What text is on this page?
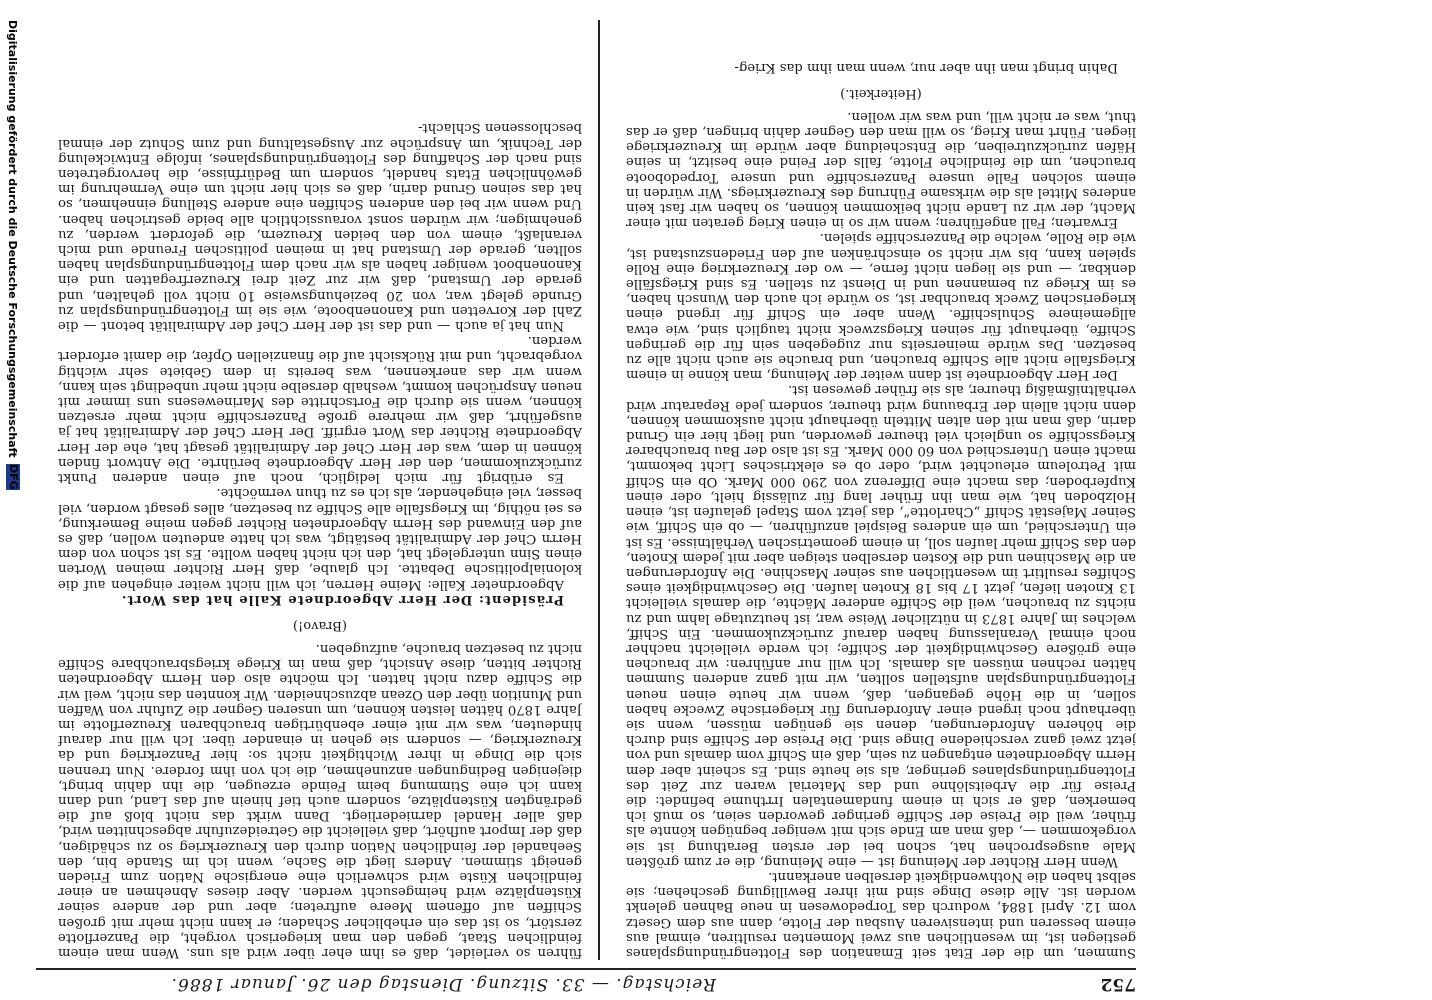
752
Reichstag. — 33. Sitzung. Dienstag den 26. Januar 1886.

Summen, um die der Etat seit Emanation des Flottengründungsplanes gestiegen ist, im wesentlichen aus zwei Momenten resultiren, einmal aus einem besseren und intensiveren Ausbau der Flotte, dann aus dem Gesetz vom 12. April 1884, wodurch das Torpedowesen in neue Bahnen gelenkt worden ist. Alle diese Dinge sind mit ihrer Bewilligung geschehen; sie selbst haben die Nothwendigkeit derselben anerkannt.

Wenn Herr Richter der Meinung ist — eine Meinung, die er zum größten Male ausgesprochen hat, schon bei der ersten Berathung ist sie vorgekommen —, daß man am Ende sich mit weniger begnügen könnte als früher, weil die Preise der Schiffe geringer geworden seien, so muß ich bemerken, daß er sich in einem fundamentalen Irrthume befindet: die Preise für die Arbeitslöhne und das Material waren zur Zeit des Flottengründungsplanes geringer, als sie heute sind. Es scheint aber dem Herrn Abgeordneten entgangen zu sein, daß ein Schiff vom damals und von jetzt zwei ganz verschiedene Dinge sind. Die Preise der Schiffe sind durch die höheren Anforderungen, denen sie genügen müssen, wenn sie überhaupt noch irgend einer Anforderung für kriegerische Zwecke haben sollen, in die Höhe gegangen, daß, wenn wir heute einen neuen Flottengründungsplan aufstellen sollten, wir mit ganz anderen Summen hätten rechnen müssen als damals. Ich will nur anführen: wir brauchen eine größere Geschwindigkeit der Schiffe; ich werde vielleicht nachher noch einmal Veranlassung haben darauf zurückzukommen. Ein Schiff, welches im Jahre 1873 in nützlicher Weise war, ist heutzutage lahm und zu nichts zu brauchen, weil die Schiffe anderer Mächte, die damals vielleicht 13 Knoten liefen, jetzt 17 bis 18 Knoten laufen. Die Geschwindigkeit eines Schiffes resultirt im wesentlichen aus seiner Maschine. Die Anforderungen an die Maschinen und die Kosten derselben steigen aber mit jedem Knoten, den das Schiff mehr laufen soll, in einem geometrischen Verhältnisse. Es ist ein Unterschied, um ein anderes Beispiel anzuführen, — ob ein Schiff, wie Seiner Majestät Schiff „Charlotte“, das jetzt vom Stapel gelaufen ist, einen Holzboden hat, wie man ihn früher lang für zulässig hielt, oder einen Kupferboden; das macht eine Differenz von 290 000 Mark. Ob ein Schiff mit Petroleum erleuchtet wird, oder ob es elektrisches Licht bekommt, macht einen Unterschied von 60 000 Mark. Es ist also der Bau brauchbarer Kriegsschiffe so ungleich viel theurer geworden, und liegt hier ein Grund darin, daß man mit den alten Mitteln überhaupt nicht auskommen können, denn nicht allein der Erbauung wird theurer, sondern jede Reparatur wird verhältnißmäßig theurer, als sie früher gewesen ist.

Der Herr Abgeordnete ist dann weiter der Meinung, man könne in einem Kriegsfalle nicht alle Schiffe brauchen, und brauche sie auch nicht alle zu besetzen. Das würde meinerseits nur zugegeben sein für die geringen Schiffe, überhaupt für seinen Kriegszweck nicht tauglich sind, wie etwa allgemeinere Schulschiffe. Wenn aber ein Schiff für irgend einen kriegerischen Zweck brauchbar ist, so würde ich auch den Wunsch haben, es im Kriege zu bemannen und in Dienst zu stellen. Es sind Kriegsfälle denkbar, — und sie liegen nicht ferne, — wo der Kreuzerkrieg eine Rolle spielen kann, bis wir nicht so einschränken auf den Friedenszustand ist, wie die Rolle, welche die Panzerschiffe spielen.

Erwarten; Fall angeführen; wenn wir so in einen Krieg geraten mit einer Macht, der wir zu Lande nicht beikommen können, so haben wir fast kein anderes Mittel als die wirksame Führung des Kreuzerkriegs. Wir würden in einem solchen Falle unsere Panzerschiffe und unsere Torpedoboote brauchen, um die feindliche Flotte, falls der Feind eine besitzt, in seine Häfen zurückzutreiben, die Entscheidung aber würde im Kreuzerkriege liegen. Führt man Krieg, so will man den Gegner dahin bringen, daß er das thut, was er nicht will, und was wir wollen.

(Heiterkeit.)

Dahin bringt man ihn aber nur, wenn man ihm das Krieg-

führen so verleidet, daß es ihm eher über wird als uns. Wenn man einem feindlichen Staat, gegen den man kriegerisch vorgeht, die Panzerflotte zerstört, so ist das ein erheblicher Schaden; er kann nicht mehr mit großen Schiffen auf offenem Meere auftreten; aber und der andere seiner Küstenplätze wird heimgesucht werden. Aber dieses Abnehmen an einer feindlichen Küste wird schwerlich eine energische Nation zum Frieden geneigt stimmen. Anders liegt die Sache, wenn ich im Stande bin, den Seehandel der feindlichen Nation durch den Kreuzerkrieg so zu schädigen, daß der Import aufhört, daß vielleicht die Getreidezufuhr abgeschnitten wird, daß aller Handel darniederliegt. Dann wirkt das nicht bloß auf die gedrängten Küstenplätze, sondern auch tief hinein auf das Land, und dann kann ich eine Stimmung beim Feinde erzeugen, die ihn dahin bringt, diejenigen Bedingungen anzunehmen, die ich von ihm fordere. Nun trennen sich die Dinge in ihrer Wichtigkeit nicht so: hier Panzerkrieg und da Kreuzerkrieg, — sondern sie gehen in einander über. Ich will nur darauf hindeuten, was wir mit einer ebenbürtigen brauchbaren Kreuzerflotte im Jahre 1870 hätten leisten können, um unseren Gegner die Zufuhr von Waffen und Munition über den Ozean abzuschneiden. Wir konnten das nicht, weil wir die Schiffe dazu nicht hatten. Ich möchte also den Herrn Abgeordneten Richter bitten, diese Ansicht, daß man im Kriege kriegsbrauchbare Schiffe nicht zu besetzen brauche, aufzugeben.

(Bravo!)

Präsident: Der Herr Abgeordnete Kalle hat das Wort.

Abgeordneter Kalle: Meine Herren, ich will nicht weiter eingehen auf die kolonialpolitische Debatte. Ich glaube, daß Herr Richter meinen Worten einen Sinn untergelegt hat, den ich nicht haben wollte. Es ist schon von dem Herrn Chef der Admiralität bestätigt, was ich hatte andeuten wollen, daß es auf den Einwand des Herrn Abgeordneten Richter gegen meine Bemerkung, es sei nöthig, im Kriegsfalle alle Schiffe zu besetzen, alles gesagt worden, viel besser, viel eingehender, als ich es zu thun vermöchte.

Es erübrigt für mich lediglich, noch auf einen anderen Punkt zurückzukommen, den der Herr Abgeordnete berührte. Die Antwort finden können in dem, was der Herr Chef der Admiralität gesagt hat, ehe der Herr Abgeordnete Richter das Wort ergriff. Der Herr Chef der Admiralität hat ja ausgeführt, daß wir mehrere große Panzerschiffe nicht mehr ersetzen können, wenn sie durch die Fortschritte des Marinewesens uns immer mit neuen Ansprüchen kommt, weshalb derselbe nicht mehr unbedingt sein kann, wenn wir das anerkennen, was bereits in dem Gebiete sehr wichtig vorgebracht, und mit Rücksicht auf die finanziellen Opfer, die damit erfordert werden.

Nun hat ja auch — und das ist der Herr Chef der Admiralität betont — die Zahl der Korvetten und Kanonenboote, wie sie im Flottengründungsplan zu Grunde gelegt war, von 20 beziehungsweise 10 nicht voll gehalten, und gerade der Umstand, daß wir zur Zeit drei Kreuzerfregatten und ein Kanonenboot weniger haben als wir nach dem Flottengründungsplan haben sollten, gerade der Umstand hat in meinen politischen Freunde und mich veranlaßt, einem von den beiden Kreuzern, die gefordert werden, zu genehmigen; wir würden sonst voraussichtlich alle beide gestrichen haben. Und wenn wir bei den anderen Schiffen eine andere Stellung einnehmen, so hat das seinen Grund darin, daß es sich hier nicht um eine Vermehrung im gewöhnlichen Etats handelt, sondern um Bedürfnisse, die hervorgetreten sind nach der Schaffung des Flottengründungsplanes, infolge Entwickelung der Technik, um Ansprüche zur Ausgestaltung und zum Schutz der einmal beschlossenen Schlacht-

Digitalisierung gefördert durch die Deutsche Forschungsgemeinschaft
DFG
